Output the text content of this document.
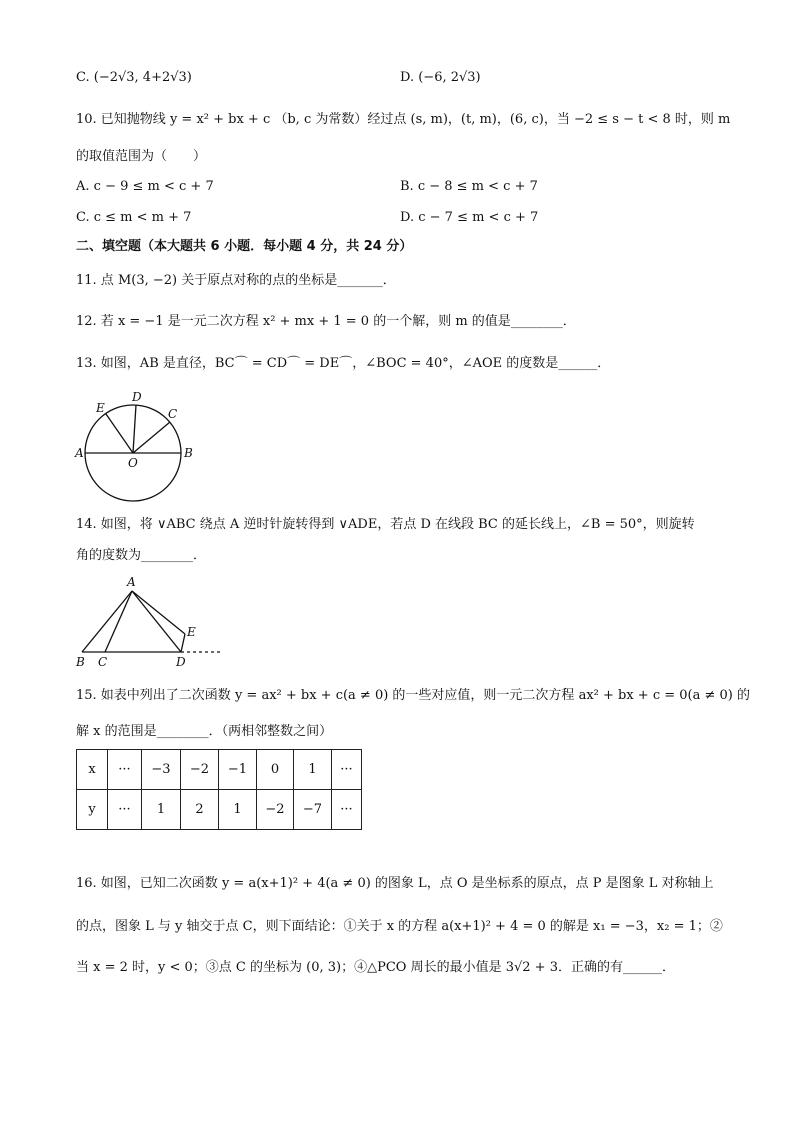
C. (−2√3, 4+2√3)	D. (−6, 2√3)
10. 已知抛物线 y = x² + bx + c （b, c 为常数）经过点 (s, m)，(t, m)，(6, c)，当 −2 ≤ s − t < 8 时，则 m
的取值范围为（　　）
A. c − 9 ≤ m < c + 7	B. c − 8 ≤ m < c + 7
C. c ≤ m < m + 7	D. c − 7 ≤ m < c + 7
二、填空题（本大题共 6 小题．每小题 4 分，共 24 分）
11. 点 M(3, −2) 关于原点对称的点的坐标是_______．
12. 若 x = −1 是一元二次方程 x² + mx + 1 = 0 的一个解，则 m 的值是________．
13. 如图，AB 是直径，BC⌒ = CD⌒ = DE⌒，∠BOC = 40°，∠AOE 的度数是______．
A	B
C
D
E
O
14. 如图，将 ∨ABC 绕点 A 逆时针旋转得到 ∨ADE，若点 D 在线段 BC 的延长线上，∠B = 50°，则旋转
角的度数为________．
A
B C	D
E
15. 如表中列出了二次函数 y = ax² + bx + c(a ≠ 0) 的一些对应值，则一元二次方程 ax² + bx + c = 0(a ≠ 0) 的
解 x 的范围是________．（两相邻整数之间）
x	···	−3	−2	−1	0	1	···
y	···	1	2	1	−2	−7	···
16. 如图，已知二次函数 y = a(x+1)² + 4(a ≠ 0) 的图象 L，点 O 是坐标系的原点，点 P 是图象 L 对称轴上
的点，图象 L 与 y 轴交于点 C，则下面结论：①关于 x 的方程 a(x+1)² + 4 = 0 的解是 x₁ = −3，x₂ = 1；②
当 x = 2 时，y < 0；③点 C 的坐标为 (0, 3)；④△PCO 周长的最小值是 3√2 + 3．正确的有______．
